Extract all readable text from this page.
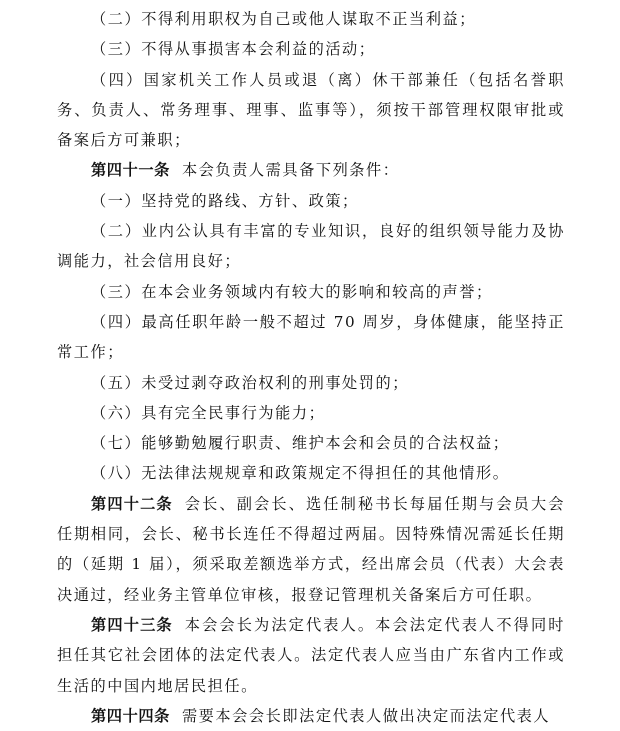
（二）不得利用职权为自己或他人谋取不正当利益；

（三）不得从事损害本会利益的活动；

（四）国家机关工作人员或退（离）休干部兼任（包括名誉职务、负责人、常务理事、理事、监事等），须按干部管理权限审批或备案后方可兼职；

第四十一条 本会负责人需具备下列条件：

（一）坚持党的路线、方针、政策；

（二）业内公认具有丰富的专业知识，良好的组织领导能力及协调能力，社会信用良好；

（三）在本会业务领域内有较大的影响和较高的声誉；

（四）最高任职年龄一般不超过 70 周岁，身体健康，能坚持正常工作；

（五）未受过剥夺政治权利的刑事处罚的；

（六）具有完全民事行为能力；

（七）能够勤勉履行职责、维护本会和会员的合法权益；

（八）无法律法规规章和政策规定不得担任的其他情形。

第四十二条 会长、副会长、选任制秘书长每届任期与会员大会任期相同，会长、秘书长连任不得超过两届。因特殊情况需延长任期的（延期 1 届），须采取差额选举方式，经出席会员（代表）大会表决通过，经业务主管单位审核，报登记管理机关备案后方可任职。

第四十三条 本会会长为法定代表人。本会法定代表人不得同时担任其它社会团体的法定代表人。法定代表人应当由广东省内工作或生活的中国内地居民担任。

第四十四条 需要本会会长即法定代表人做出决定而法定代表人
